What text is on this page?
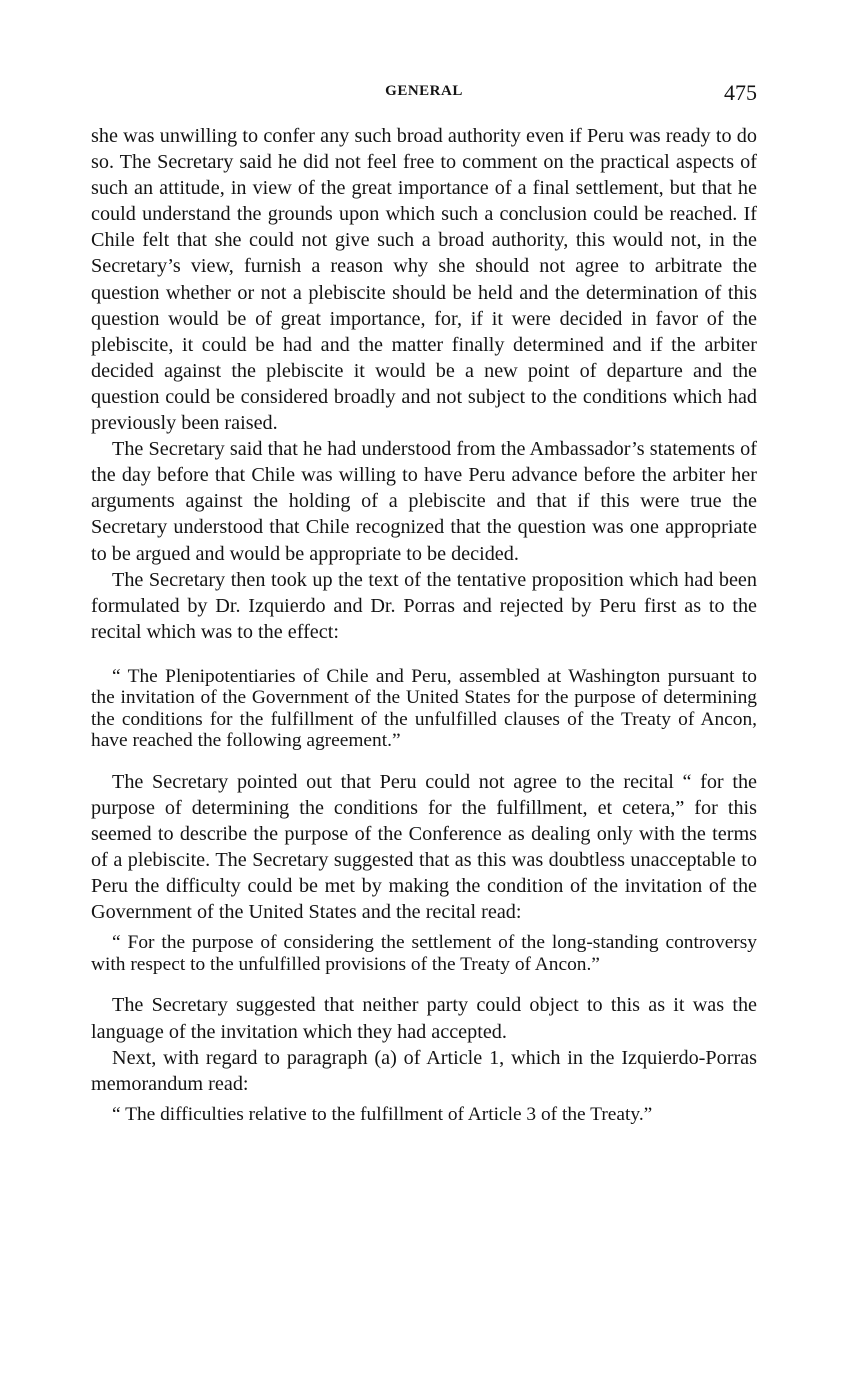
GENERAL	475

she was unwilling to confer any such broad authority even if Peru was ready to do so. The Secretary said he did not feel free to comment on the practical aspects of such an attitude, in view of the great importance of a final settlement, but that he could understand the grounds upon which such a conclusion could be reached. If Chile felt that she could not give such a broad authority, this would not, in the Secretary’s view, furnish a reason why she should not agree to arbitrate the question whether or not a plebiscite should be held and the determination of this question would be of great importance, for, if it were decided in favor of the plebiscite, it could be had and the matter finally determined and if the arbiter decided against the plebiscite it would be a new point of departure and the question could be considered broadly and not subject to the conditions which had previously been raised.

The Secretary said that he had understood from the Ambassador’s statements of the day before that Chile was willing to have Peru advance before the arbiter her arguments against the holding of a plebiscite and that if this were true the Secretary understood that Chile recognized that the question was one appropriate to be argued and would be appropriate to be decided.

The Secretary then took up the text of the tentative proposition which had been formulated by Dr. Izquierdo and Dr. Porras and rejected by Peru first as to the recital which was to the effect:

“ The Plenipotentiaries of Chile and Peru, assembled at Washington pursuant to the invitation of the Government of the United States for the purpose of determining the conditions for the fulfillment of the unfulfilled clauses of the Treaty of Ancon, have reached the following agreement.”

The Secretary pointed out that Peru could not agree to the recital “ for the purpose of determining the conditions for the fulfillment, et cetera,” for this seemed to describe the purpose of the Conference as dealing only with the terms of a plebiscite. The Secretary suggested that as this was doubtless unacceptable to Peru the difficulty could be met by making the condition of the invitation of the Government of the United States and the recital read:

“ For the purpose of considering the settlement of the long-standing controversy with respect to the unfulfilled provisions of the Treaty of Ancon.”

The Secretary suggested that neither party could object to this as it was the language of the invitation which they had accepted.

Next, with regard to paragraph (a) of Article 1, which in the Izquierdo-Porras memorandum read:

“ The difficulties relative to the fulfillment of Article 3 of the Treaty.”
